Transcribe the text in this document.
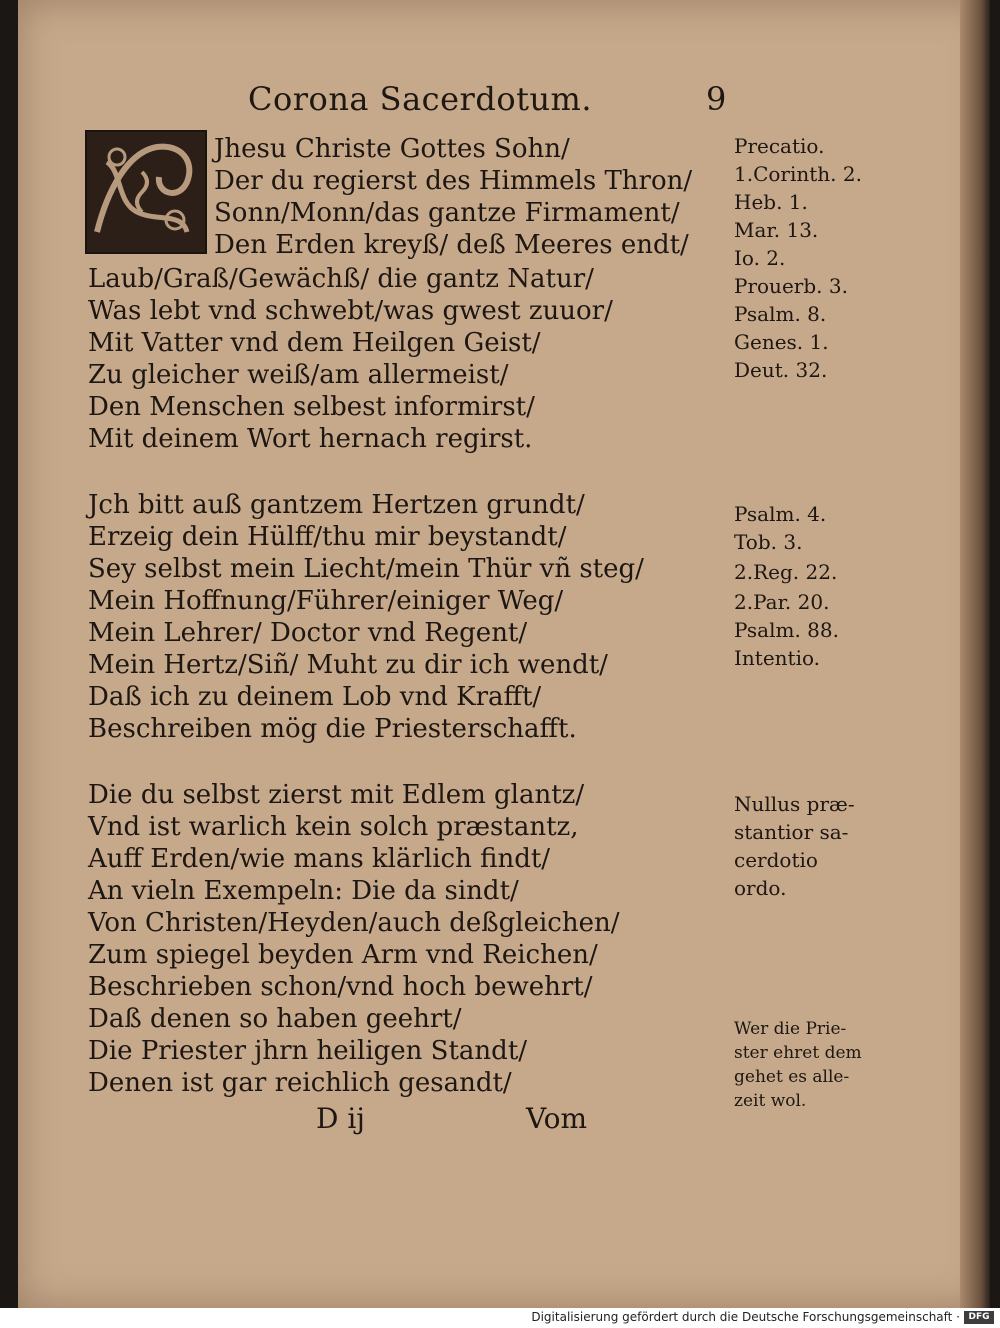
Corona Sacerdotum.	9
Jhesu Christe Gottes Sohn/
Der du regierst des Himmels Thron/
Sonn/Monn/das gantze Firmament/
Den Erden kreyß/ deß Meeres endt/
Laub/Graß/Gewächß/ die gantz Natur/
Was lebt vnd schwebt/was gwest zuuor/
Mit Vatter vnd dem Heilgen Geist/
Zu gleicher weiß/am allermeist/
Den Menschen selbest informirst/
Mit deinem Wort hernach regirst.
Jch bitt auß gantzem Hertzen grundt/
Erzeig dein Hülff/thu mir beystandt/
Sey selbst mein Liecht/mein Thür vñ steg/
Mein Hoffnung/Führer/einiger Weg/
Mein Lehrer/ Doctor vnd Regent/
Mein Hertz/Siñ/ Muht zu dir ich wendt/
Daß ich zu deinem Lob vnd Krafft/
Beschreiben mög die Priesterschafft.
Die du selbst zierst mit Edlem glantz/
Vnd ist warlich kein solch præstantz,
Auff Erden/wie mans klärlich findt/
An vieln Exempeln: Die da sindt/
Von Christen/Heyden/auch deßgleichen/
Zum spiegel beyden Arm vnd Reichen/
Beschrieben schon/vnd hoch bewehrt/
Daß denen so haben geehrt/
Die Priester jhrn heiligen Standt/
Denen ist gar reichlich gesandt/
Precatio.
1.Corinth. 2.
Heb. 1.
Mar. 13.
Io. 2.
Prouerb. 3.
Psalm. 8.
Genes. 1.
Deut. 32.
Psalm. 4.
Tob. 3.
2.Reg. 22.
2.Par. 20.
Psalm. 88.
Intentio.
Nullus præ-
stantior sa-
cerdotio
ordo.
Wer die Prie-
ster ehret dem
gehet es alle-
zeit wol.
D ij	Vom
Digitalisierung gefördert durch die Deutsche Forschungsgemeinschaft · DFG
